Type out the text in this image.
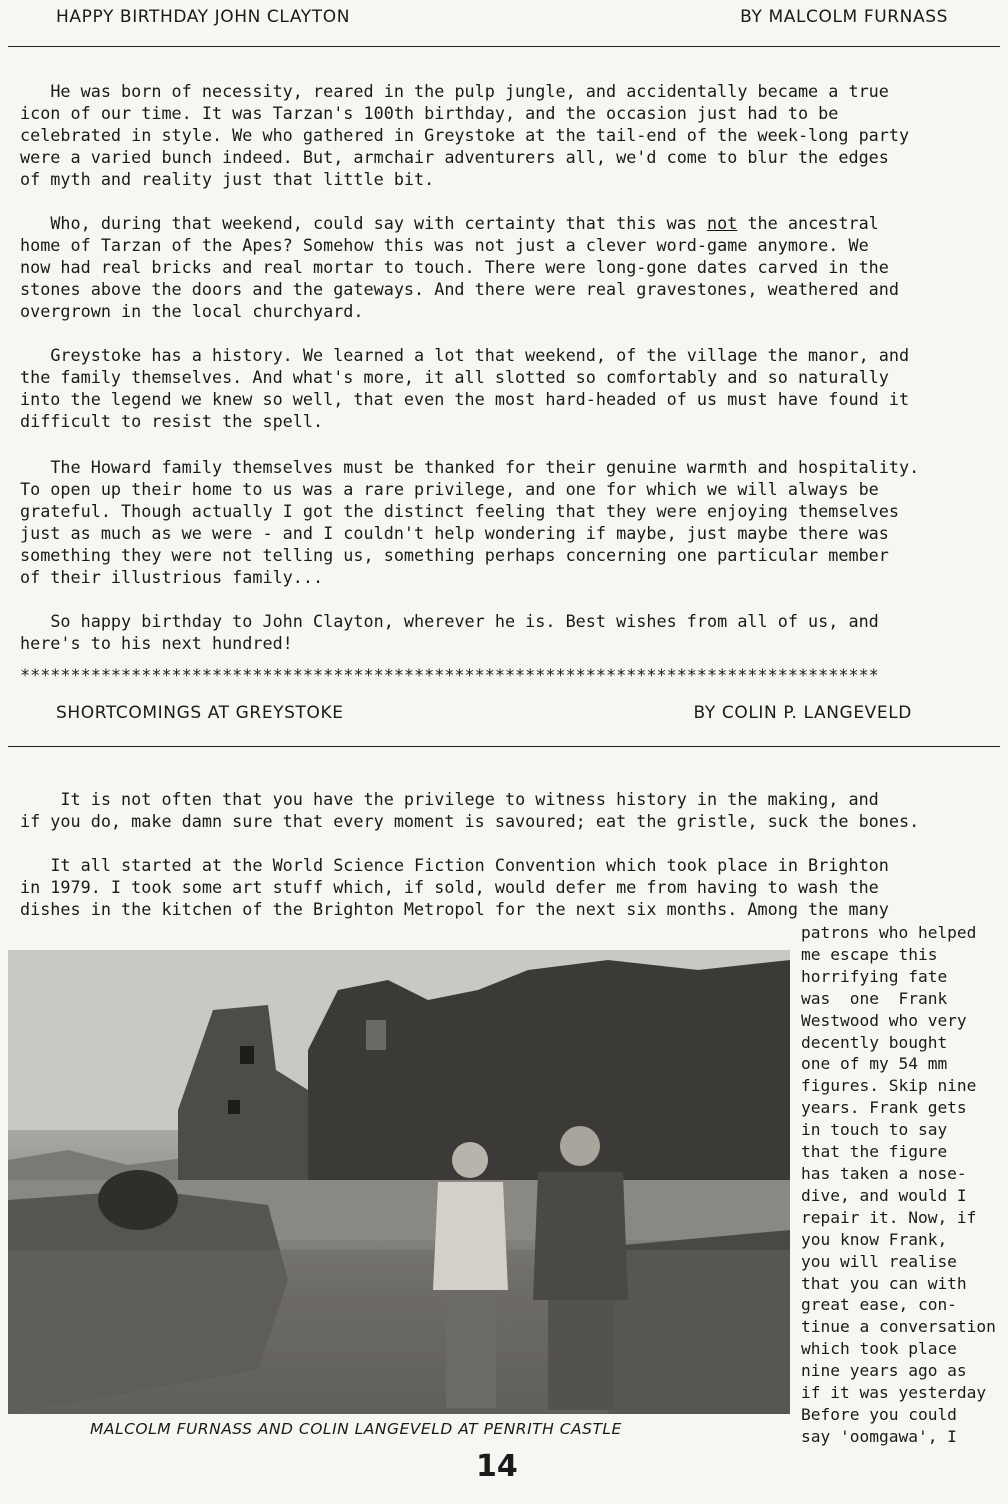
HAPPY BIRTHDAY JOHN CLAYTON	BY MALCOLM FURNASS

He was born of necessity, reared in the pulp jungle, and accidentally became a true
icon of our time. It was Tarzan's 100th birthday, and the occasion just had to be
celebrated in style. We who gathered in Greystoke at the tail-end of the week-long party
were a varied bunch indeed. But, armchair adventurers all, we'd come to blur the edges
of myth and reality just that little bit.

Who, during that weekend, could say with certainty that this was not the ancestral
home of Tarzan of the Apes? Somehow this was not just a clever word-game anymore. We
now had real bricks and real mortar to touch. There were long-gone dates carved in the
stones above the doors and the gateways. And there were real gravestones, weathered and
overgrown in the local churchyard.

Greystoke has a history. We learned a lot that weekend, of the village the manor, and
the family themselves. And what's more, it all slotted so comfortably and so naturally
into the legend we knew so well, that even the most hard-headed of us must have found it
difficult to resist the spell.

The Howard family themselves must be thanked for their genuine warmth and hospitality.
To open up their home to us was a rare privilege, and one for which we will always be
grateful. Though actually I got the distinct feeling that they were enjoying themselves
just as much as we were - and I couldn't help wondering if maybe, just maybe there was
something they were not telling us, something perhaps concerning one particular member
of their illustrious family...

So happy birthday to John Clayton, wherever he is. Best wishes from all of us, and
here's to his next hundred!

*************************************************************************************
SHORTCOMINGS AT GREYSTOKE	BY COLIN P. LANGEVELD

It is not often that you have the privilege to witness history in the making, and
if you do, make damn sure that every moment is savoured; eat the gristle, suck the bones.

It all started at the World Science Fiction Convention which took place in Brighton
in 1979. I took some art stuff which, if sold, would defer me from having to wash the
dishes in the kitchen of the Brighton Metropol for the next six months. Among the many

MALCOLM FURNASS AND COLIN LANGEVELD AT PENRITH CASTLE

patrons who helped
me escape this
horrifying fate
was  one  Frank
Westwood who very
decently bought
one of my 54 mm
figures. Skip nine
years. Frank gets
in touch to say
that the figure
has taken a nose-
dive, and would I
repair it. Now, if
you know Frank,
you will realise
that you can with
great ease, con-
tinue a conversation
which took place
nine years ago as
if it was yesterday
Before you could
say 'oomgawa', I

14
